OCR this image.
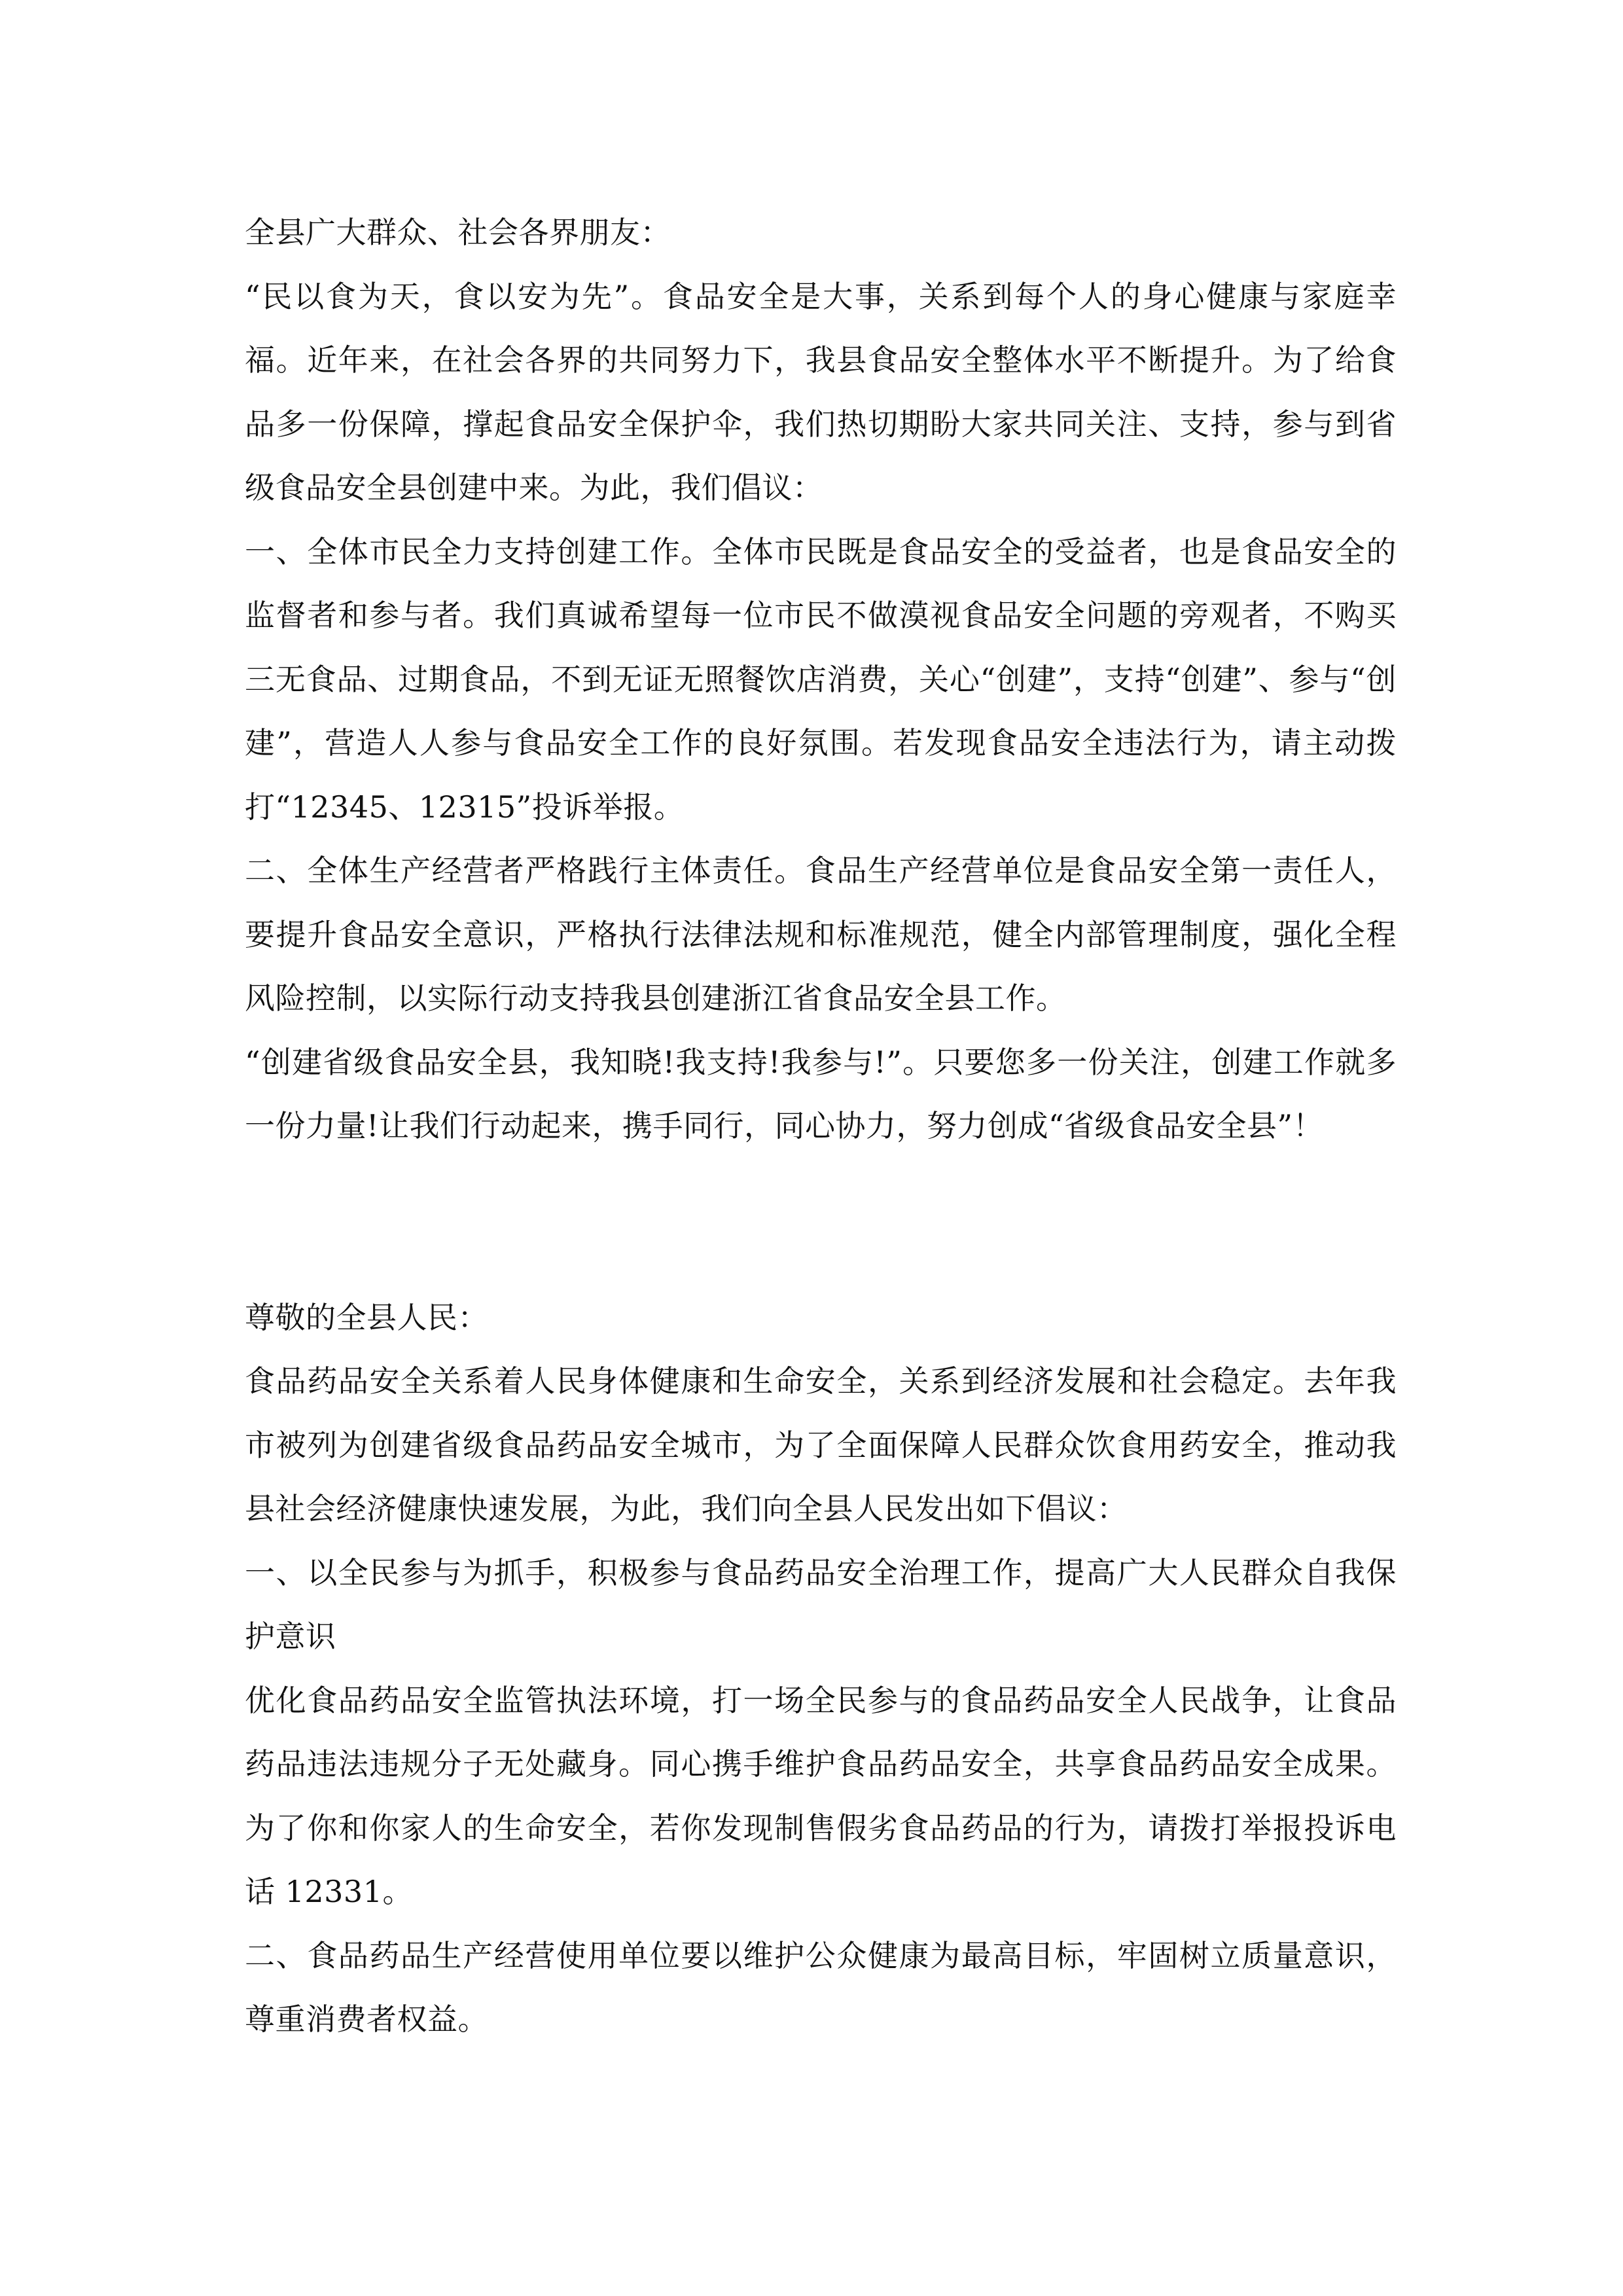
全县广大群众、社会各界朋友：

“民以食为天，食以安为先”。食品安全是大事，关系到每个人的身心健康与家庭幸福。近年来，在社会各界的共同努力下，我县食品安全整体水平不断提升。为了给食品多一份保障，撑起食品安全保护伞，我们热切期盼大家共同关注、支持，参与到省级食品安全县创建中来。为此，我们倡议：

一、全体市民全力支持创建工作。全体市民既是食品安全的受益者，也是食品安全的监督者和参与者。我们真诚希望每一位市民不做漠视食品安全问题的旁观者，不购买三无食品、过期食品，不到无证无照餐饮店消费，关心“创建”，支持“创建”、参与“创建”，营造人人参与食品安全工作的良好氛围。若发现食品安全违法行为，请主动拨打“12345、12315”投诉举报。

二、全体生产经营者严格践行主体责任。食品生产经营单位是食品安全第一责任人，要提升食品安全意识，严格执行法律法规和标准规范，健全内部管理制度，强化全程风险控制，以实际行动支持我县创建浙江省食品安全县工作。

“创建省级食品安全县，我知晓!我支持!我参与!”。只要您多一份关注，创建工作就多一份力量!让我们行动起来，携手同行，同心协力，努力创成“省级食品安全县”！

尊敬的全县人民：

食品药品安全关系着人民身体健康和生命安全，关系到经济发展和社会稳定。去年我市被列为创建省级食品药品安全城市，为了全面保障人民群众饮食用药安全，推动我县社会经济健康快速发展，为此，我们向全县人民发出如下倡议：

一、以全民参与为抓手，积极参与食品药品安全治理工作，提高广大人民群众自我保护意识

优化食品药品安全监管执法环境，打一场全民参与的食品药品安全人民战争，让食品药品违法违规分子无处藏身。同心携手维护食品药品安全，共享食品药品安全成果。为了你和你家人的生命安全，若你发现制售假劣食品药品的行为，请拨打举报投诉电话 12331。

二、食品药品生产经营使用单位要以维护公众健康为最高目标，牢固树立质量意识，尊重消费者权益。
